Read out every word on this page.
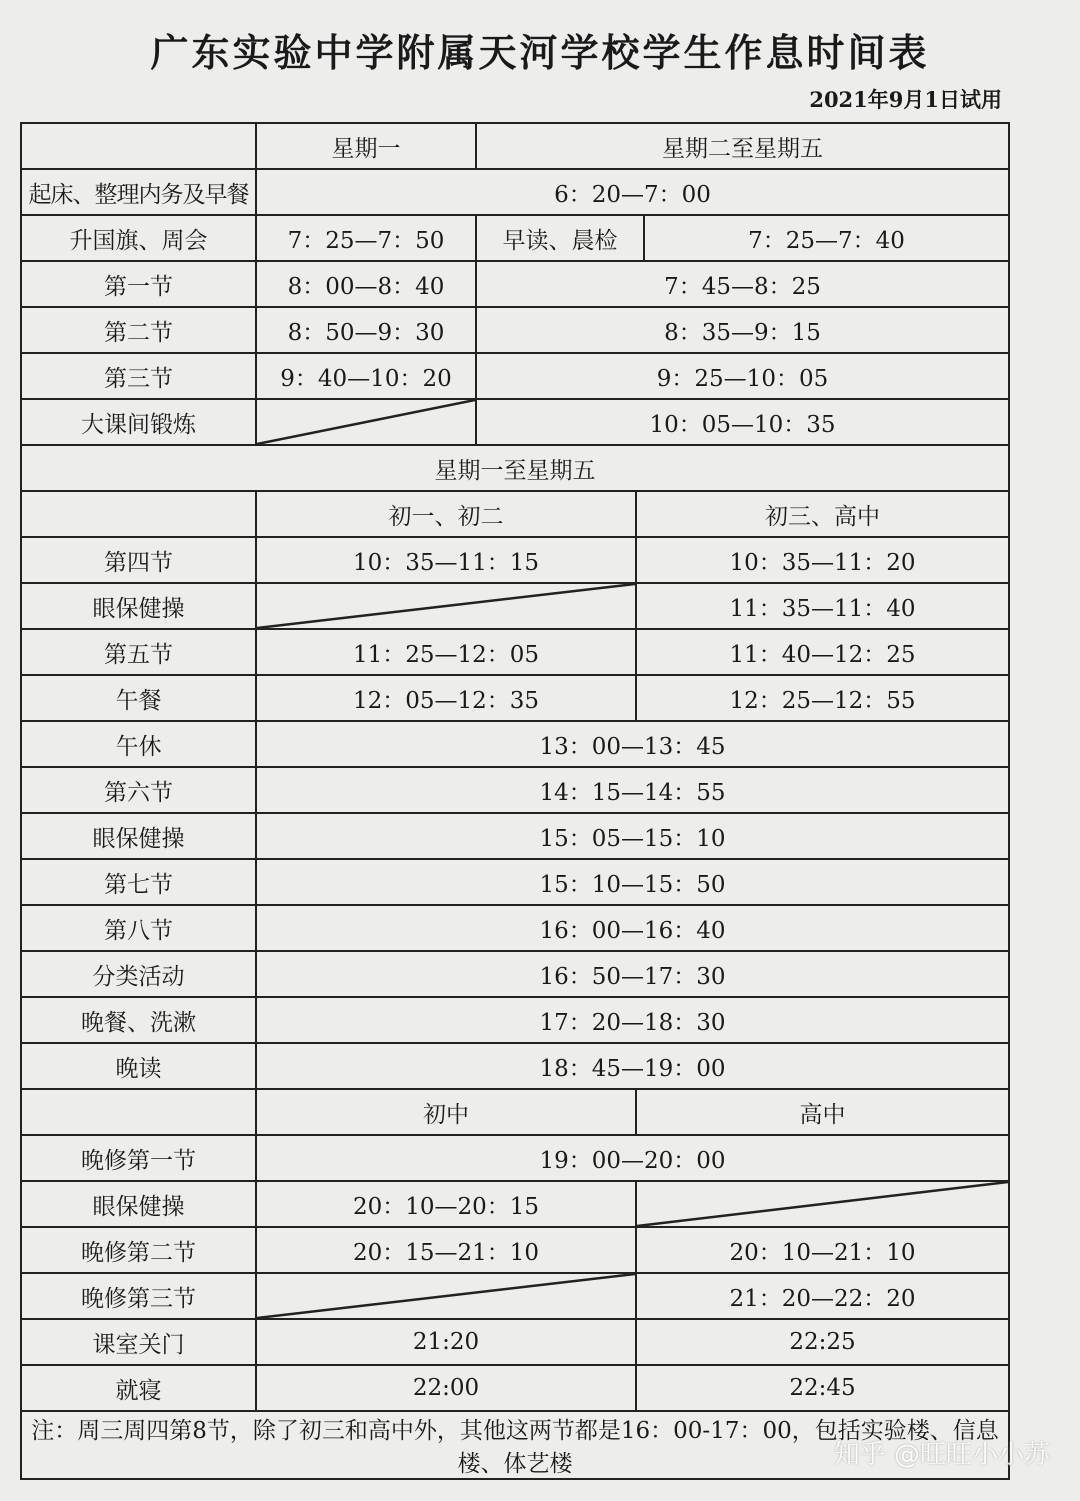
广东实验中学附属天河学校学生作息时间表
2021年9月1日试用
	星期一	星期二至星期五		
起床、整理内务及早餐	6：20—7：00			
升国旗、周会	7：25—7：50	早读、晨检		7：25—7：40
第一节	8：00—8：40	7：45—8：25		
第二节	8：50—9：30	8：35—9：15		
第三节	9：40—10：20	9：25—10：05		
大课间锻炼		10：05—10：35		
星期一至星期五				
	初一、初二		初三、高中	
第四节	10：35—11：15		10：35—11：20	
眼保健操			11：35—11：40	
第五节	11：25—12：05		11：40—12：25	
午餐	12：05—12：35		12：25—12：55	
午休	13：00—13：45			
第六节	14：15—14：55			
眼保健操	15：05—15：10			
第七节	15：10—15：50			
第八节	16：00—16：40			
分类活动	16：50—17：30			
晚餐、洗漱	17：20—18：30			
晚读	18：45—19：00			
	初中		高中	
晚修第一节	19：00—20：00			
眼保健操	20：10—20：15			
晚修第二节	20：15—21：10		20：10—21：10	
晚修第三节			21：20—22：20	
课室关门	21:20		22:25	
就寝	22:00		22:45	
注：周三周四第8节，除了初三和高中外，其他这两节都是16：00-17：00，包括实验楼、信息楼、体艺楼					知乎 @旺旺小小苏
